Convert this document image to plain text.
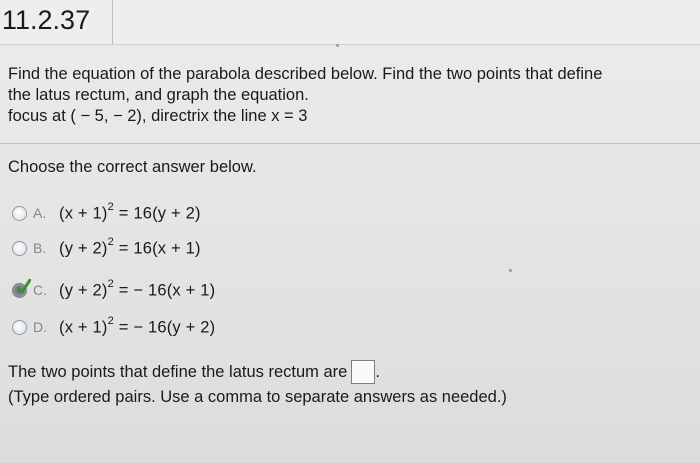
11.2.37
Find the equation of the parabola described below. Find the two points that define
the latus rectum, and graph the equation.
focus at ( − 5, − 2), directrix the line x = 3
Choose the correct answer below.
A. $(x + 1)^2 = 16(y + 2)$
B. $(y + 2)^2 = 16(x + 1)$
C. $(y + 2)^2$ = − 16(x + 1)
D. $(x + 1)^2$ = − 16(y + 2)
The two points that define the latus rectum are .
(Type ordered pairs. Use a comma to separate answers as needed.)
